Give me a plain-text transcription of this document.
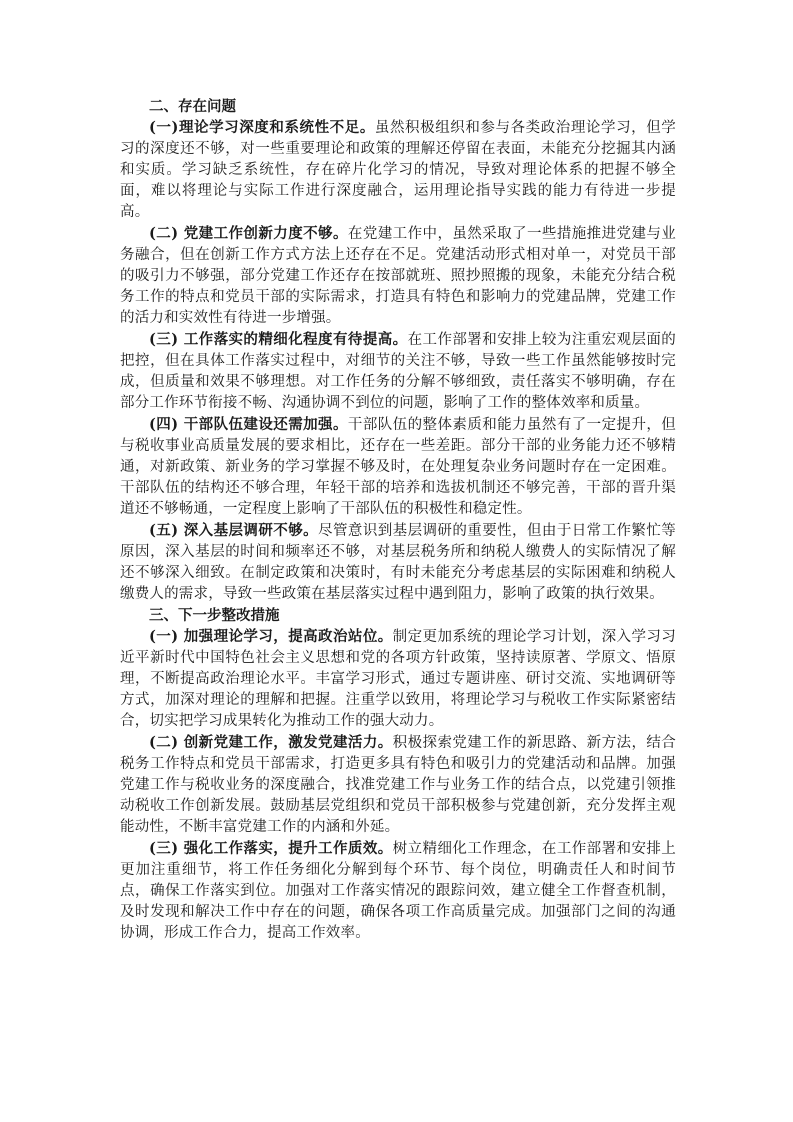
二、存在问题

(一)理论学习深度和系统性不足。虽然积极组织和参与各类政治理论学习，但学习的深度还不够，对一些重要理论和政策的理解还停留在表面，未能充分挖掘其内涵和实质。学习缺乏系统性，存在碎片化学习的情况，导致对理论体系的把握不够全面，难以将理论与实际工作进行深度融合，运用理论指导实践的能力有待进一步提高。

(二) 党建工作创新力度不够。在党建工作中，虽然采取了一些措施推进党建与业务融合，但在创新工作方式方法上还存在不足。党建活动形式相对单一，对党员干部的吸引力不够强，部分党建工作还存在按部就班、照抄照搬的现象，未能充分结合税务工作的特点和党员干部的实际需求，打造具有特色和影响力的党建品牌，党建工作的活力和实效性有待进一步增强。

(三) 工作落实的精细化程度有待提高。在工作部署和安排上较为注重宏观层面的把控，但在具体工作落实过程中，对细节的关注不够，导致一些工作虽然能够按时完成，但质量和效果不够理想。对工作任务的分解不够细致，责任落实不够明确，存在部分工作环节衔接不畅、沟通协调不到位的问题，影响了工作的整体效率和质量。

(四) 干部队伍建设还需加强。干部队伍的整体素质和能力虽然有了一定提升，但与税收事业高质量发展的要求相比，还存在一些差距。部分干部的业务能力还不够精通，对新政策、新业务的学习掌握不够及时，在处理复杂业务问题时存在一定困难。干部队伍的结构还不够合理，年轻干部的培养和选拔机制还不够完善，干部的晋升渠道还不够畅通，一定程度上影响了干部队伍的积极性和稳定性。

(五) 深入基层调研不够。尽管意识到基层调研的重要性，但由于日常工作繁忙等原因，深入基层的时间和频率还不够，对基层税务所和纳税人缴费人的实际情况了解还不够深入细致。在制定政策和决策时，有时未能充分考虑基层的实际困难和纳税人缴费人的需求，导致一些政策在基层落实过程中遇到阻力，影响了政策的执行效果。

三、下一步整改措施

(一) 加强理论学习，提高政治站位。制定更加系统的理论学习计划，深入学习习近平新时代中国特色社会主义思想和党的各项方针政策，坚持读原著、学原文、悟原理，不断提高政治理论水平。丰富学习形式，通过专题讲座、研讨交流、实地调研等方式，加深对理论的理解和把握。注重学以致用，将理论学习与税收工作实际紧密结合，切实把学习成果转化为推动工作的强大动力。

(二) 创新党建工作，激发党建活力。积极探索党建工作的新思路、新方法，结合税务工作特点和党员干部需求，打造更多具有特色和吸引力的党建活动和品牌。加强党建工作与税收业务的深度融合，找准党建工作与业务工作的结合点，以党建引领推动税收工作创新发展。鼓励基层党组织和党员干部积极参与党建创新，充分发挥主观能动性，不断丰富党建工作的内涵和外延。

(三) 强化工作落实，提升工作质效。树立精细化工作理念，在工作部署和安排上更加注重细节，将工作任务细化分解到每个环节、每个岗位，明确责任人和时间节点，确保工作落实到位。加强对工作落实情况的跟踪问效，建立健全工作督查机制，及时发现和解决工作中存在的问题，确保各项工作高质量完成。加强部门之间的沟通协调，形成工作合力，提高工作效率。
